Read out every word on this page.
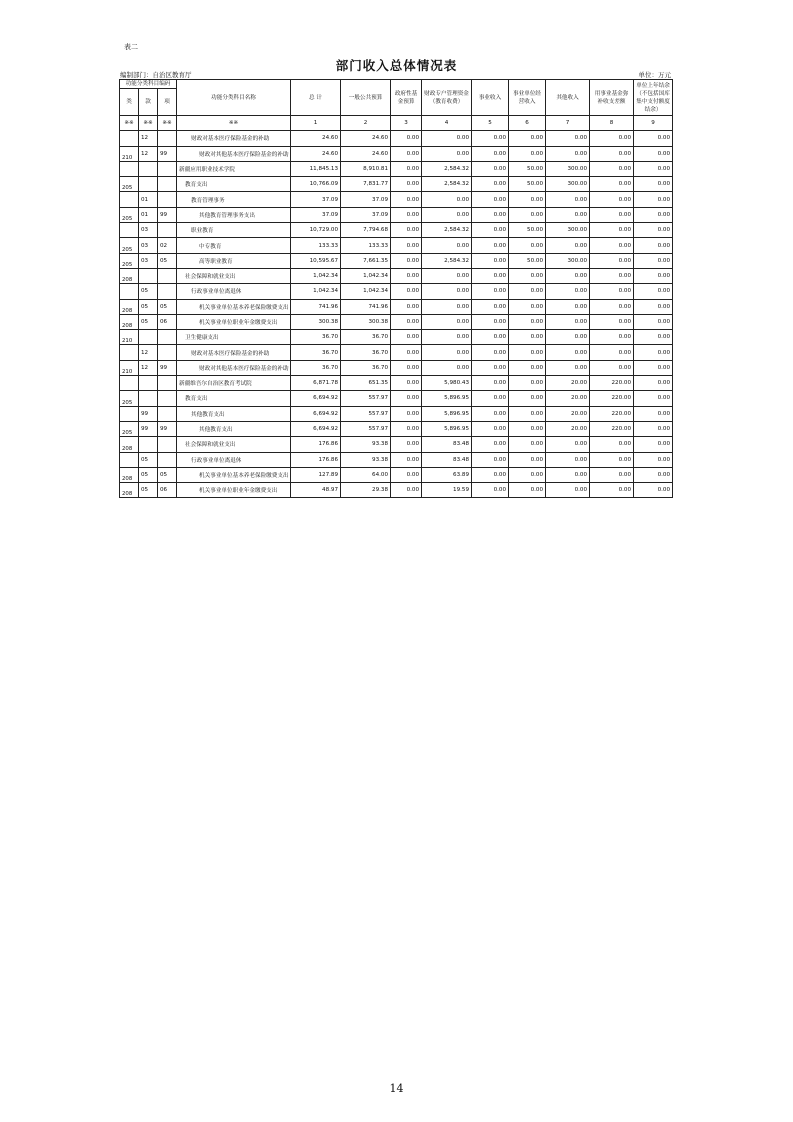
表二
部门收入总体情况表
编制部门：自治区教育厅	单位：万元
功能分类科目编码			功能分类科目名称	总 计	一般公共预算	政府性基金预算	财政专户管理资金（教育收费）	事业收入	事业单位经营收入	其他收入	用事业基金弥补收支差额	单位上年结余（不包括国库集中支付额度结余）
类	款	项										
※※	※※	※※	※※	1	2	3	4	5	6	7	8	9
	12		财政对基本医疗保险基金的补助	24.60	24.60	0.00	0.00	0.00	0.00	0.00	0.00	0.00
210	12	99	财政对其他基本医疗保险基金的补助	24.60	24.60	0.00	0.00	0.00	0.00	0.00	0.00	0.00
			新疆应用职业技术学院	11,845.13	8,910.81	0.00	2,584.32	0.00	50.00	300.00	0.00	0.00
205			教育支出	10,766.09	7,831.77	0.00	2,584.32	0.00	50.00	300.00	0.00	0.00
	01		教育管理事务	37.09	37.09	0.00	0.00	0.00	0.00	0.00	0.00	0.00
205	01	99	其他教育管理事务支出	37.09	37.09	0.00	0.00	0.00	0.00	0.00	0.00	0.00
	03		职业教育	10,729.00	7,794.68	0.00	2,584.32	0.00	50.00	300.00	0.00	0.00
205	03	02	中专教育	133.33	133.33	0.00	0.00	0.00	0.00	0.00	0.00	0.00
205	03	05	高等职业教育	10,595.67	7,661.35	0.00	2,584.32	0.00	50.00	300.00	0.00	0.00
208			社会保障和就业支出	1,042.34	1,042.34	0.00	0.00	0.00	0.00	0.00	0.00	0.00
	05		行政事业单位离退休	1,042.34	1,042.34	0.00	0.00	0.00	0.00	0.00	0.00	0.00
208	05	05	机关事业单位基本养老保险缴费支出	741.96	741.96	0.00	0.00	0.00	0.00	0.00	0.00	0.00
208	05	06	机关事业单位职业年金缴费支出	300.38	300.38	0.00	0.00	0.00	0.00	0.00	0.00	0.00
210			卫生健康支出	36.70	36.70	0.00	0.00	0.00	0.00	0.00	0.00	0.00
	12		财政对基本医疗保险基金的补助	36.70	36.70	0.00	0.00	0.00	0.00	0.00	0.00	0.00
210	12	99	财政对其他基本医疗保险基金的补助	36.70	36.70	0.00	0.00	0.00	0.00	0.00	0.00	0.00
			新疆维吾尔自治区教育考试院	6,871.78	651.35	0.00	5,980.43	0.00	0.00	20.00	220.00	0.00
205			教育支出	6,694.92	557.97	0.00	5,896.95	0.00	0.00	20.00	220.00	0.00
	99		其他教育支出	6,694.92	557.97	0.00	5,896.95	0.00	0.00	20.00	220.00	0.00
205	99	99	其他教育支出	6,694.92	557.97	0.00	5,896.95	0.00	0.00	20.00	220.00	0.00
208			社会保障和就业支出	176.86	93.38	0.00	83.48	0.00	0.00	0.00	0.00	0.00
	05		行政事业单位离退休	176.86	93.38	0.00	83.48	0.00	0.00	0.00	0.00	0.00
208	05	05	机关事业单位基本养老保险缴费支出	127.89	64.00	0.00	63.89	0.00	0.00	0.00	0.00	0.00
208	05	06	机关事业单位职业年金缴费支出	48.97	29.38	0.00	19.59	0.00	0.00	0.00	0.00	0.00
14
